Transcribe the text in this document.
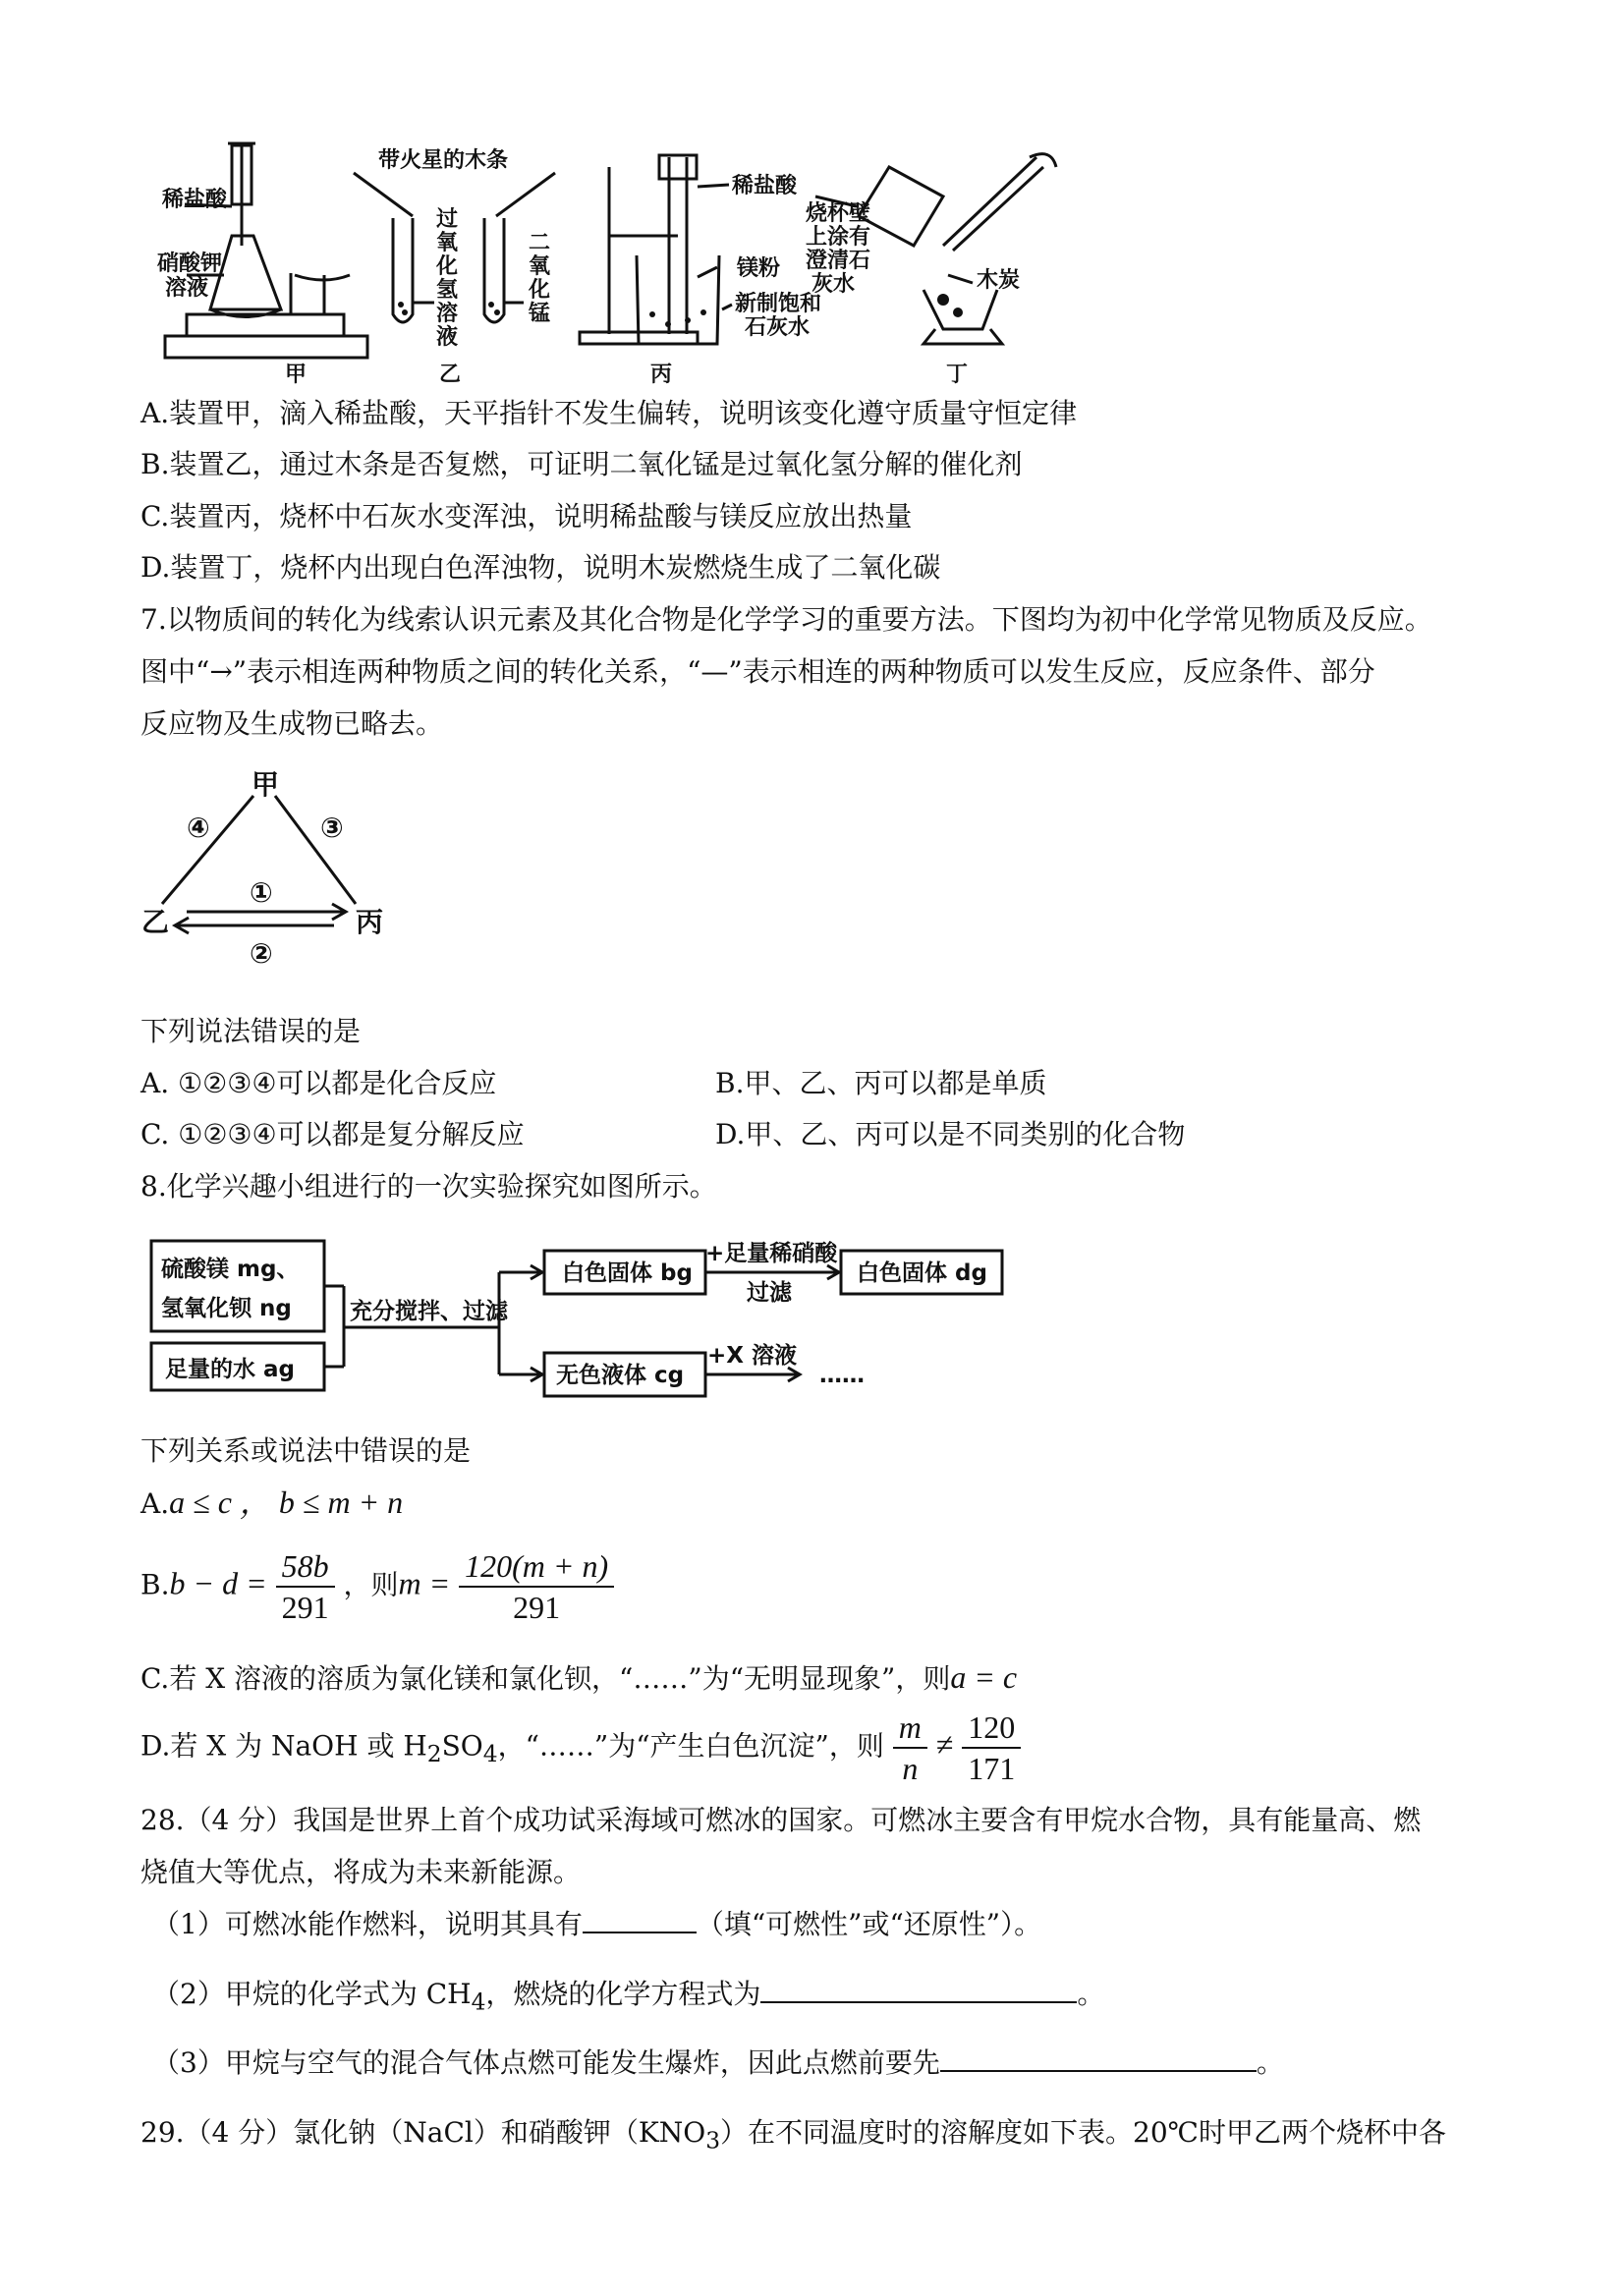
稀盐酸
硝酸钾
溶液
甲
带火星的木条
过
氧
化
氢
溶
液
二
氧
化
锰
乙
稀盐酸
镁粉
新制饱和
石灰水
丙
烧杯壁
上涂有
澄清石
灰水	木炭
丁
A.装置甲，滴入稀盐酸，天平指针不发生偏转，说明该变化遵守质量守恒定律
B.装置乙，通过木条是否复燃，可证明二氧化锰是过氧化氢分解的催化剂
C.装置丙，烧杯中石灰水变浑浊，说明稀盐酸与镁反应放出热量
D.装置丁，烧杯内出现白色浑浊物，说明木炭燃烧生成了二氧化碳
7.以物质间的转化为线索认识元素及其化合物是化学学习的重要方法。下图均为初中化学常见物质及反应。
图中“→”表示相连两种物质之间的转化关系，“—”表示相连的两种物质可以发生反应，反应条件、部分
反应物及生成物已略去。
甲
乙	丙
①
②
③
④
下列说法错误的是
A. ①②③④可以都是化合反应	B.甲、乙、丙可以都是单质
C. ①②③④可以都是复分解反应	D.甲、乙、丙可以是不同类别的化合物
8.化学兴趣小组进行的一次实验探究如图所示。
硫酸镁 mg、
氢氧化钡 ng
足量的水 ag
充分搅拌、过滤
白色固体 bg
+足量稀硝酸
过滤
白色固体 dg
无色液体 cg
+X 溶液
……
下列关系或说法中错误的是
A.a ≤ c ， b ≤ m + n
$B.b - d = \frac{58b}{291}$ ，则$m = \frac{120(m + n)}{291}$
C.若 X 溶液的溶质为氯化镁和氯化钡，“……”为“无明显现象”，则a = c
D.若 X 为 NaOH 或 $H_2SO_4$，“……”为“产生白色沉淀”，则 $\frac{m}{n} \ne \frac{120}{171}$
28.（4 分）我国是世界上首个成功试采海域可燃冰的国家。可燃冰主要含有甲烷水合物，具有能量高、燃
烧值大等优点，将成为未来新能源。
（1）可燃冰能作燃料，说明其具有	（填“可燃性”或“还原性”）。
（2）甲烷的化学式为 $CH_4$，燃烧的化学方程式为	。
（3）甲烷与空气的混合气体点燃可能发生爆炸，因此点燃前要先	。
29.（4 分）氯化钠（NaCl）和硝酸钾$(KNO_3)$在不同温度时的溶解度如下表。20℃时甲乙两个烧杯中各
